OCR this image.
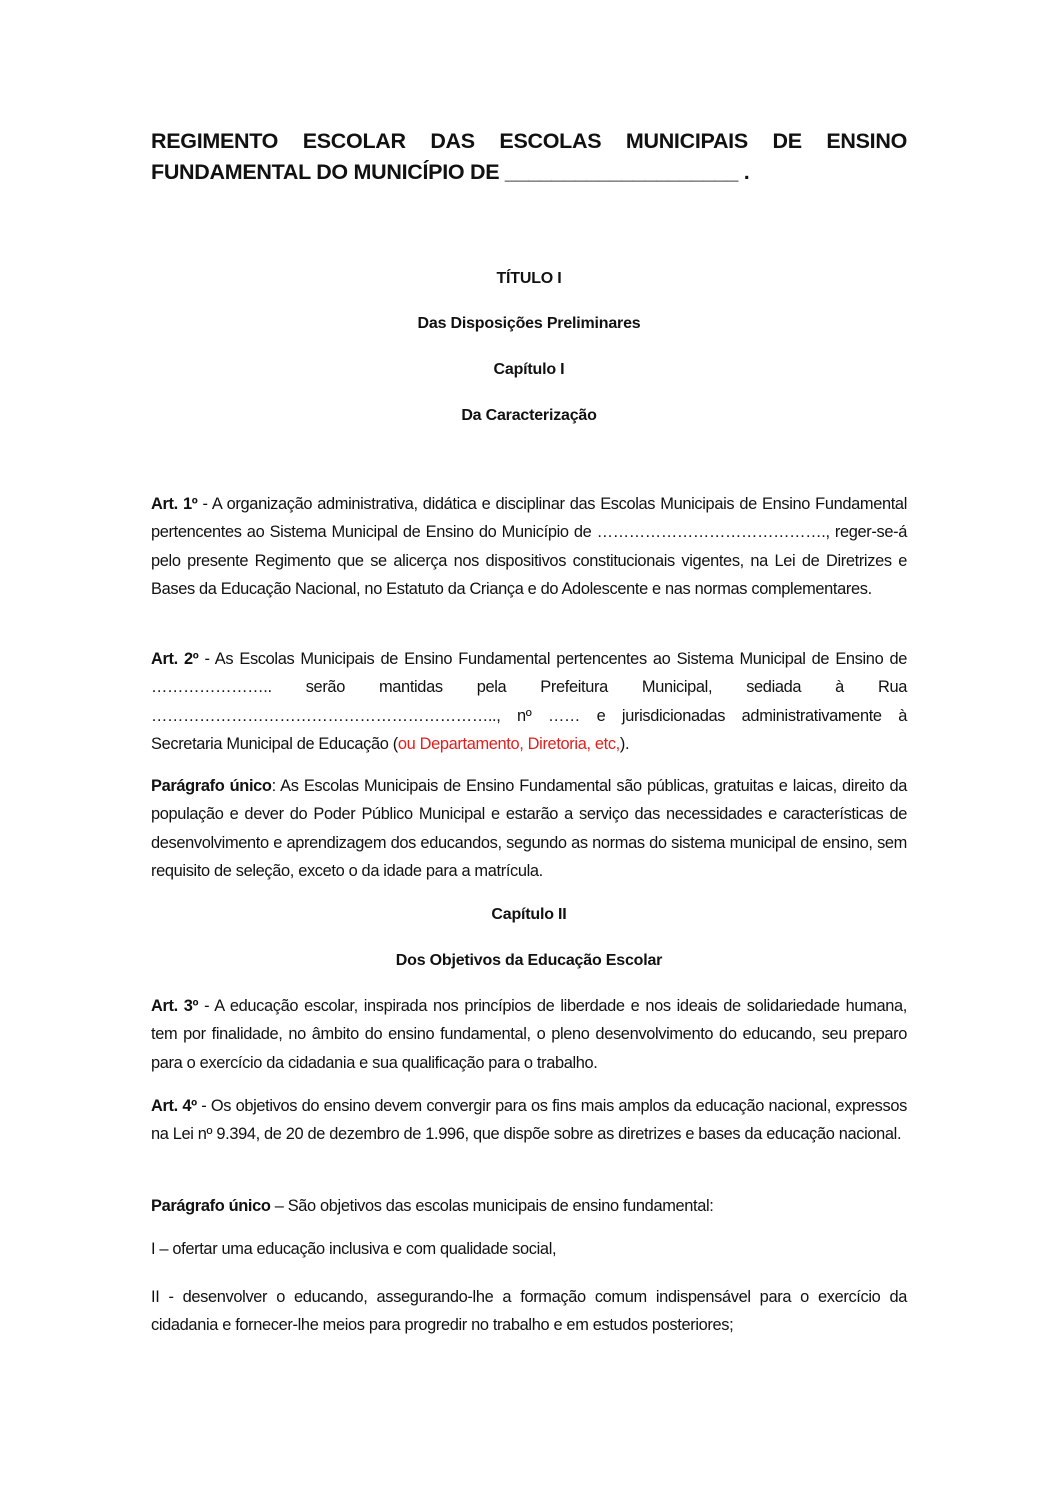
REGIMENTO ESCOLAR DAS ESCOLAS MUNICIPAIS DE ENSINO
FUNDAMENTAL DO MUNICÍPIO DE ____________________ .
TÍTULO I
Das Disposições Preliminares
Capítulo I
Da Caracterização

Art. 1º - A organização administrativa, didática e disciplinar das Escolas Municipais de Ensino Fundamental pertencentes ao Sistema Municipal de Ensino do Município de ……………………………………., reger-se-á pelo presente Regimento que se alicerça nos dispositivos constitucionais vigentes, na Lei de Diretrizes e Bases da Educação Nacional, no Estatuto da Criança e do Adolescente e nas normas complementares.

Art. 2º - As Escolas Municipais de Ensino Fundamental pertencentes ao Sistema Municipal de Ensino de ………………….. serão mantidas pela Prefeitura Municipal, sediada à Rua ……………………………………………………….., nº …… e jurisdicionadas administrativamente à Secretaria Municipal de Educação (ou Departamento, Diretoria, etc,).

Parágrafo único: As Escolas Municipais de Ensino Fundamental são públicas, gratuitas e laicas, direito da população e dever do Poder Público Municipal e estarão a serviço das necessidades e características de desenvolvimento e aprendizagem dos educandos, segundo as normas do sistema municipal de ensino, sem requisito de seleção, exceto o da idade para a matrícula.

Capítulo II
Dos Objetivos da Educação Escolar

Art. 3º - A educação escolar, inspirada nos princípios de liberdade e nos ideais de solidariedade humana, tem por finalidade, no âmbito do ensino fundamental, o pleno desenvolvimento do educando, seu preparo para o exercício da cidadania e sua qualificação para o trabalho.

Art. 4º - Os objetivos do ensino devem convergir para os fins mais amplos da educação nacional, expressos na Lei nº 9.394, de 20 de dezembro de 1.996, que dispõe sobre as diretrizes e bases da educação nacional.

Parágrafo único – São objetivos das escolas municipais de ensino fundamental:

I – ofertar uma educação inclusiva e com qualidade social,

II - desenvolver o educando, assegurando-lhe a formação comum indispensável para o exercício da cidadania e fornecer-lhe meios para progredir no trabalho e em estudos posteriores;
